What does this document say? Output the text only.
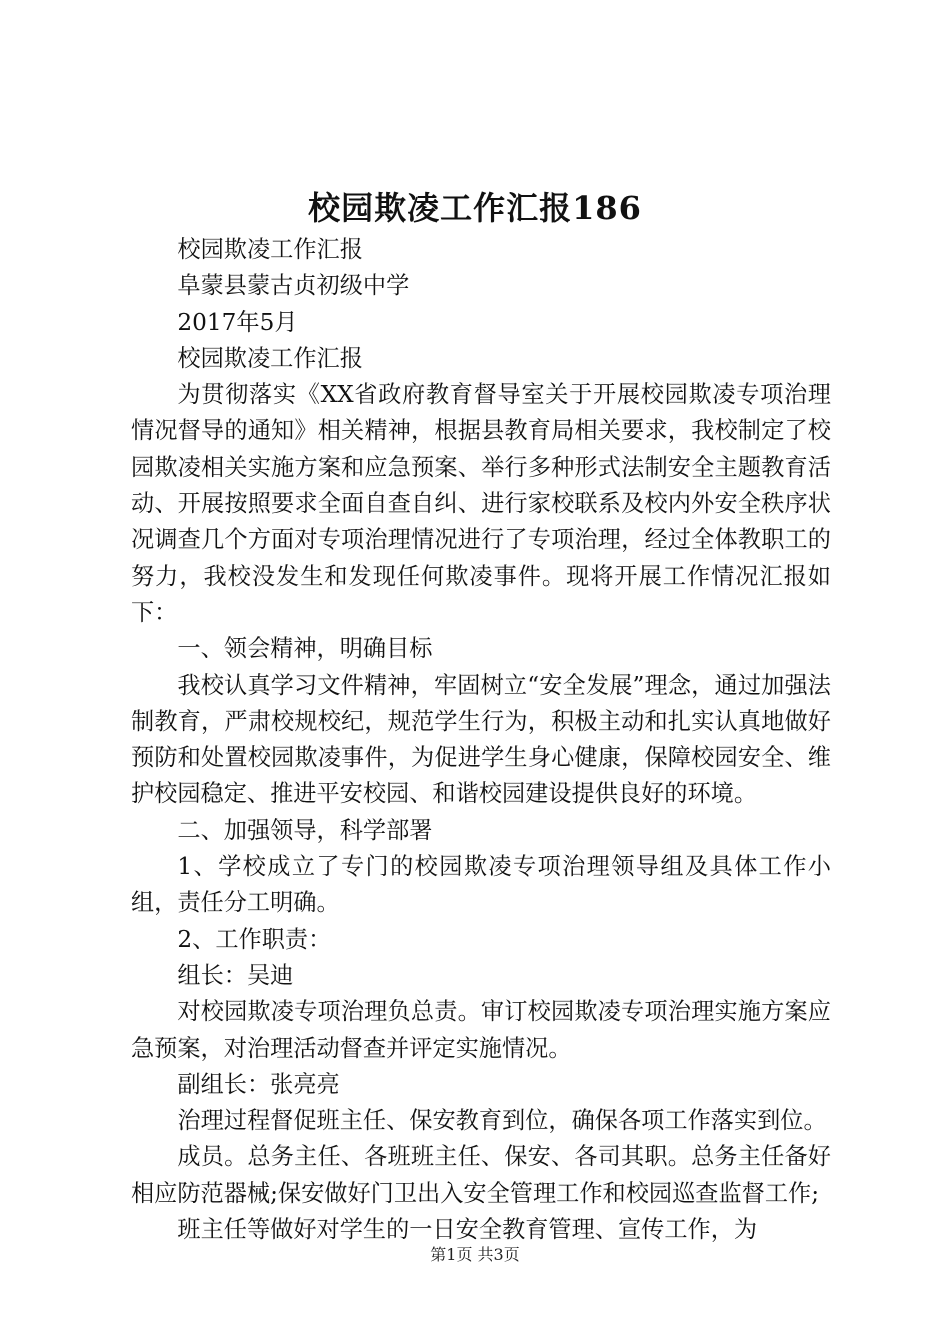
校园欺凌工作汇报186

校园欺凌工作汇报

阜蒙县蒙古贞初级中学

2017年5月

校园欺凌工作汇报

为贯彻落实《XX省政府教育督导室关于开展校园欺凌专项治理情况督导的通知》相关精神，根据县教育局相关要求，我校制定了校园欺凌相关实施方案和应急预案、举行多种形式法制安全主题教育活动、开展按照要求全面自查自纠、进行家校联系及校内外安全秩序状况调查几个方面对专项治理情况进行了专项治理，经过全体教职工的努力，我校没发生和发现任何欺凌事件。现将开展工作情况汇报如下：

一、领会精神，明确目标

我校认真学习文件精神，牢固树立“安全发展”理念，通过加强法制教育，严肃校规校纪，规范学生行为，积极主动和扎实认真地做好预防和处置校园欺凌事件，为促进学生身心健康，保障校园安全、维护校园稳定、推进平安校园、和谐校园建设提供良好的环境。

二、加强领导，科学部署

1、学校成立了专门的校园欺凌专项治理领导组及具体工作小组，责任分工明确。

2、工作职责：

组长：吴迪

对校园欺凌专项治理负总责。审订校园欺凌专项治理实施方案应急预案，对治理活动督查并评定实施情况。

副组长：张亮亮

治理过程督促班主任、保安教育到位，确保各项工作落实到位。

成员。总务主任、各班班主任、保安、各司其职。总务主任备好相应防范器械;保安做好门卫出入安全管理工作和校园巡查监督工作;

班主任等做好对学生的一日安全教育管理、宣传工作，为

第1页 共3页
